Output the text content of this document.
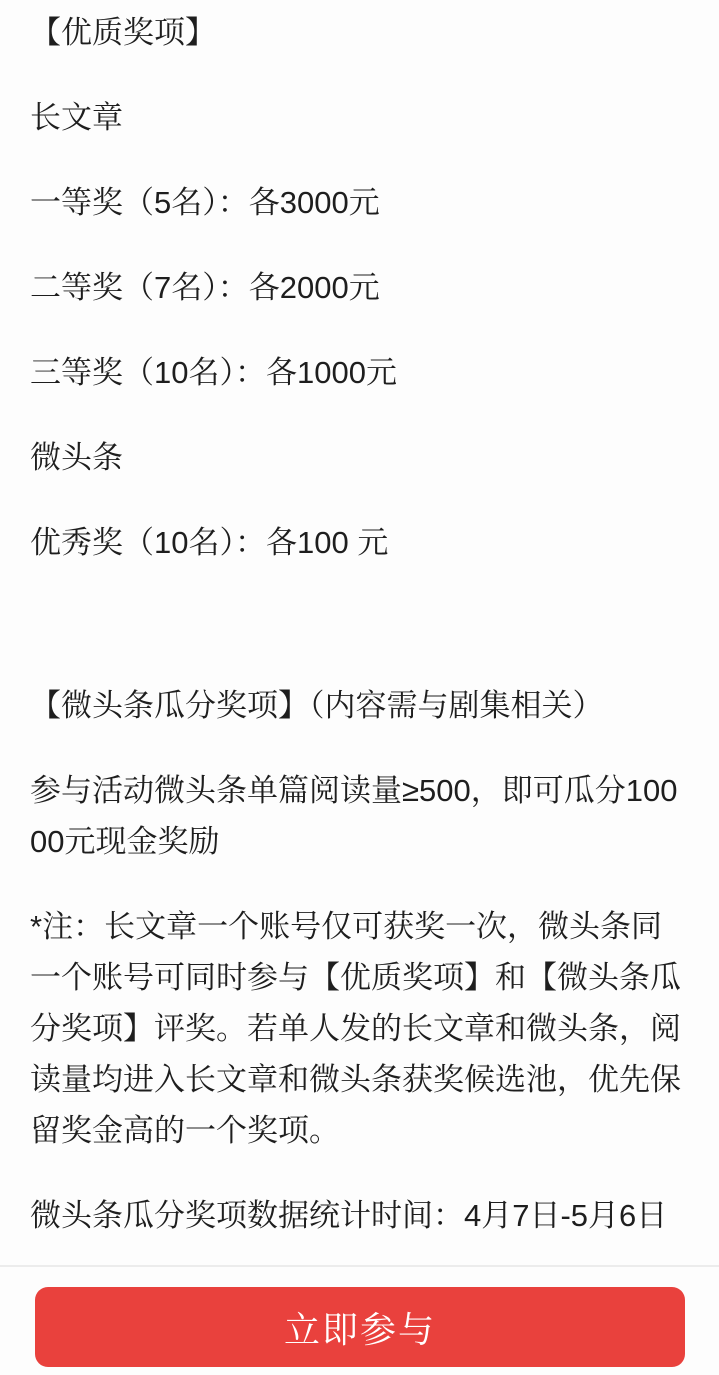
【优质奖项】

长文章

一等奖（5名）：各3000元

二等奖（7名）：各2000元

三等奖（10名）：各1000元

微头条

优秀奖（10名）：各100 元

【微头条瓜分奖项】（内容需与剧集相关）

参与活动微头条单篇阅读量≥500，即可瓜分100
00元现金奖励

*注：长文章一个账号仅可获奖一次，微头条同
一个账号可同时参与【优质奖项】和【微头条瓜
分奖项】评奖。若单人发的长文章和微头条，阅
读量均进入长文章和微头条获奖候选池，优先保
留奖金高的一个奖项。

微头条瓜分奖项数据统计时间：4月7日-5月6日

立即参与
